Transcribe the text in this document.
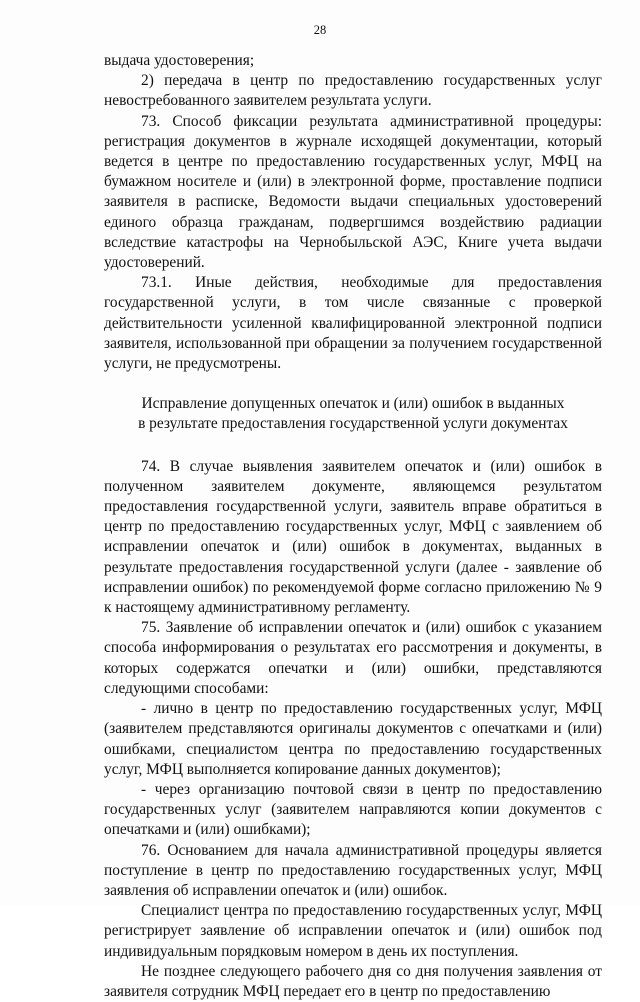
28

выдача удостоверения;

2) передача в центр по предоставлению государственных услуг невостребованного заявителем результата услуги.

73. Способ фиксации результата административной процедуры: регистрация документов в журнале исходящей документации, который ведется в центре по предоставлению государственных услуг, МФЦ на бумажном носителе и (или) в электронной форме, проставление подписи заявителя в расписке, Ведомости выдачи специальных удостоверений единого образца гражданам, подвергшимся воздействию радиации вследствие катастрофы на Чернобыльской АЭС, Книге учета выдачи удостоверений.

73.1. Иные действия, необходимые для предоставления государственной услуги, в том числе связанные с проверкой действительности усиленной квалифицированной электронной подписи заявителя, использованной при обращении за получением государственной услуги, не предусмотрены.

Исправление допущенных опечаток и (или) ошибок в выданных
в результате предоставления государственной услуги документах

74. В случае выявления заявителем опечаток и (или) ошибок в полученном заявителем документе, являющемся результатом предоставления государственной услуги, заявитель вправе обратиться в центр по предоставлению государственных услуг, МФЦ с заявлением об исправлении опечаток и (или) ошибок в документах, выданных в результате предоставления государственной услуги (далее - заявление об исправлении ошибок) по рекомендуемой форме согласно приложению № 9 к настоящему административному регламенту.

75. Заявление об исправлении опечаток и (или) ошибок с указанием способа информирования о результатах его рассмотрения и документы, в которых содержатся опечатки и (или) ошибки, представляются следующими способами:

- лично в центр по предоставлению государственных услуг, МФЦ (заявителем представляются оригиналы документов с опечатками и (или) ошибками, специалистом центра по предоставлению государственных услуг, МФЦ выполняется копирование данных документов);

- через организацию почтовой связи в центр по предоставлению государственных услуг (заявителем направляются копии документов с опечатками и (или) ошибками);

76. Основанием для начала административной процедуры является поступление в центр по предоставлению государственных услуг, МФЦ заявления об исправлении опечаток и (или) ошибок.

Специалист центра по предоставлению государственных услуг, МФЦ регистрирует заявление об исправлении опечаток и (или) ошибок под индивидуальным порядковым номером в день их поступления.

Не позднее следующего рабочего дня со дня получения заявления от заявителя сотрудник МФЦ передает его в центр по предоставлению
